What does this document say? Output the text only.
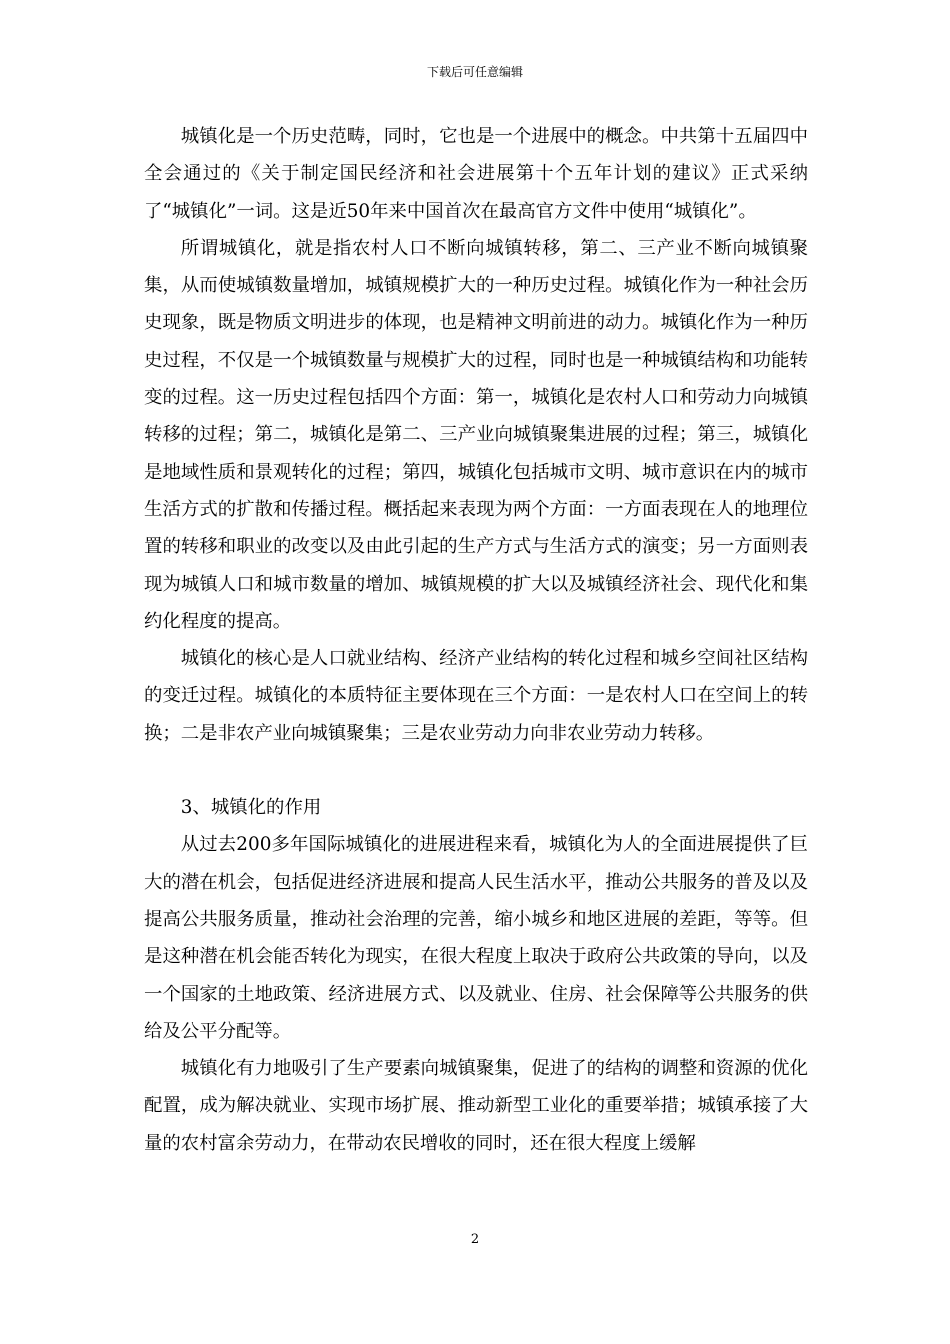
下载后可任意编辑

城镇化是一个历史范畴，同时，它也是一个进展中的概念。中共第十五届四中全会通过的《关于制定国民经济和社会进展第十个五年计划的建议》正式采纳了“城镇化”一词。这是近50年来中国首次在最高官方文件中使用“城镇化”。

所谓城镇化，就是指农村人口不断向城镇转移，第二、三产业不断向城镇聚集，从而使城镇数量增加，城镇规模扩大的一种历史过程。城镇化作为一种社会历史现象，既是物质文明进步的体现，也是精神文明前进的动力。城镇化作为一种历史过程，不仅是一个城镇数量与规模扩大的过程，同时也是一种城镇结构和功能转变的过程。这一历史过程包括四个方面：第一，城镇化是农村人口和劳动力向城镇转移的过程；第二，城镇化是第二、三产业向城镇聚集进展的过程；第三，城镇化是地域性质和景观转化的过程；第四，城镇化包括城市文明、城市意识在内的城市生活方式的扩散和传播过程。概括起来表现为两个方面：一方面表现在人的地理位置的转移和职业的改变以及由此引起的生产方式与生活方式的演变；另一方面则表现为城镇人口和城市数量的增加、城镇规模的扩大以及城镇经济社会、现代化和集约化程度的提高。

城镇化的核心是人口就业结构、经济产业结构的转化过程和城乡空间社区结构的变迁过程。城镇化的本质特征主要体现在三个方面：一是农村人口在空间上的转换；二是非农产业向城镇聚集；三是农业劳动力向非农业劳动力转移。

3、城镇化的作用

从过去200多年国际城镇化的进展进程来看，城镇化为人的全面进展提供了巨大的潜在机会，包括促进经济进展和提高人民生活水平，推动公共服务的普及以及提高公共服务质量，推动社会治理的完善，缩小城乡和地区进展的差距，等等。但是这种潜在机会能否转化为现实，在很大程度上取决于政府公共政策的导向，以及一个国家的土地政策、经济进展方式、以及就业、住房、社会保障等公共服务的供给及公平分配等。

城镇化有力地吸引了生产要素向城镇聚集，促进了的结构的调整和资源的优化配置，成为解决就业、实现市场扩展、推动新型工业化的重要举措；城镇承接了大量的农村富余劳动力，在带动农民增收的同时，还在很大程度上缓解

2
